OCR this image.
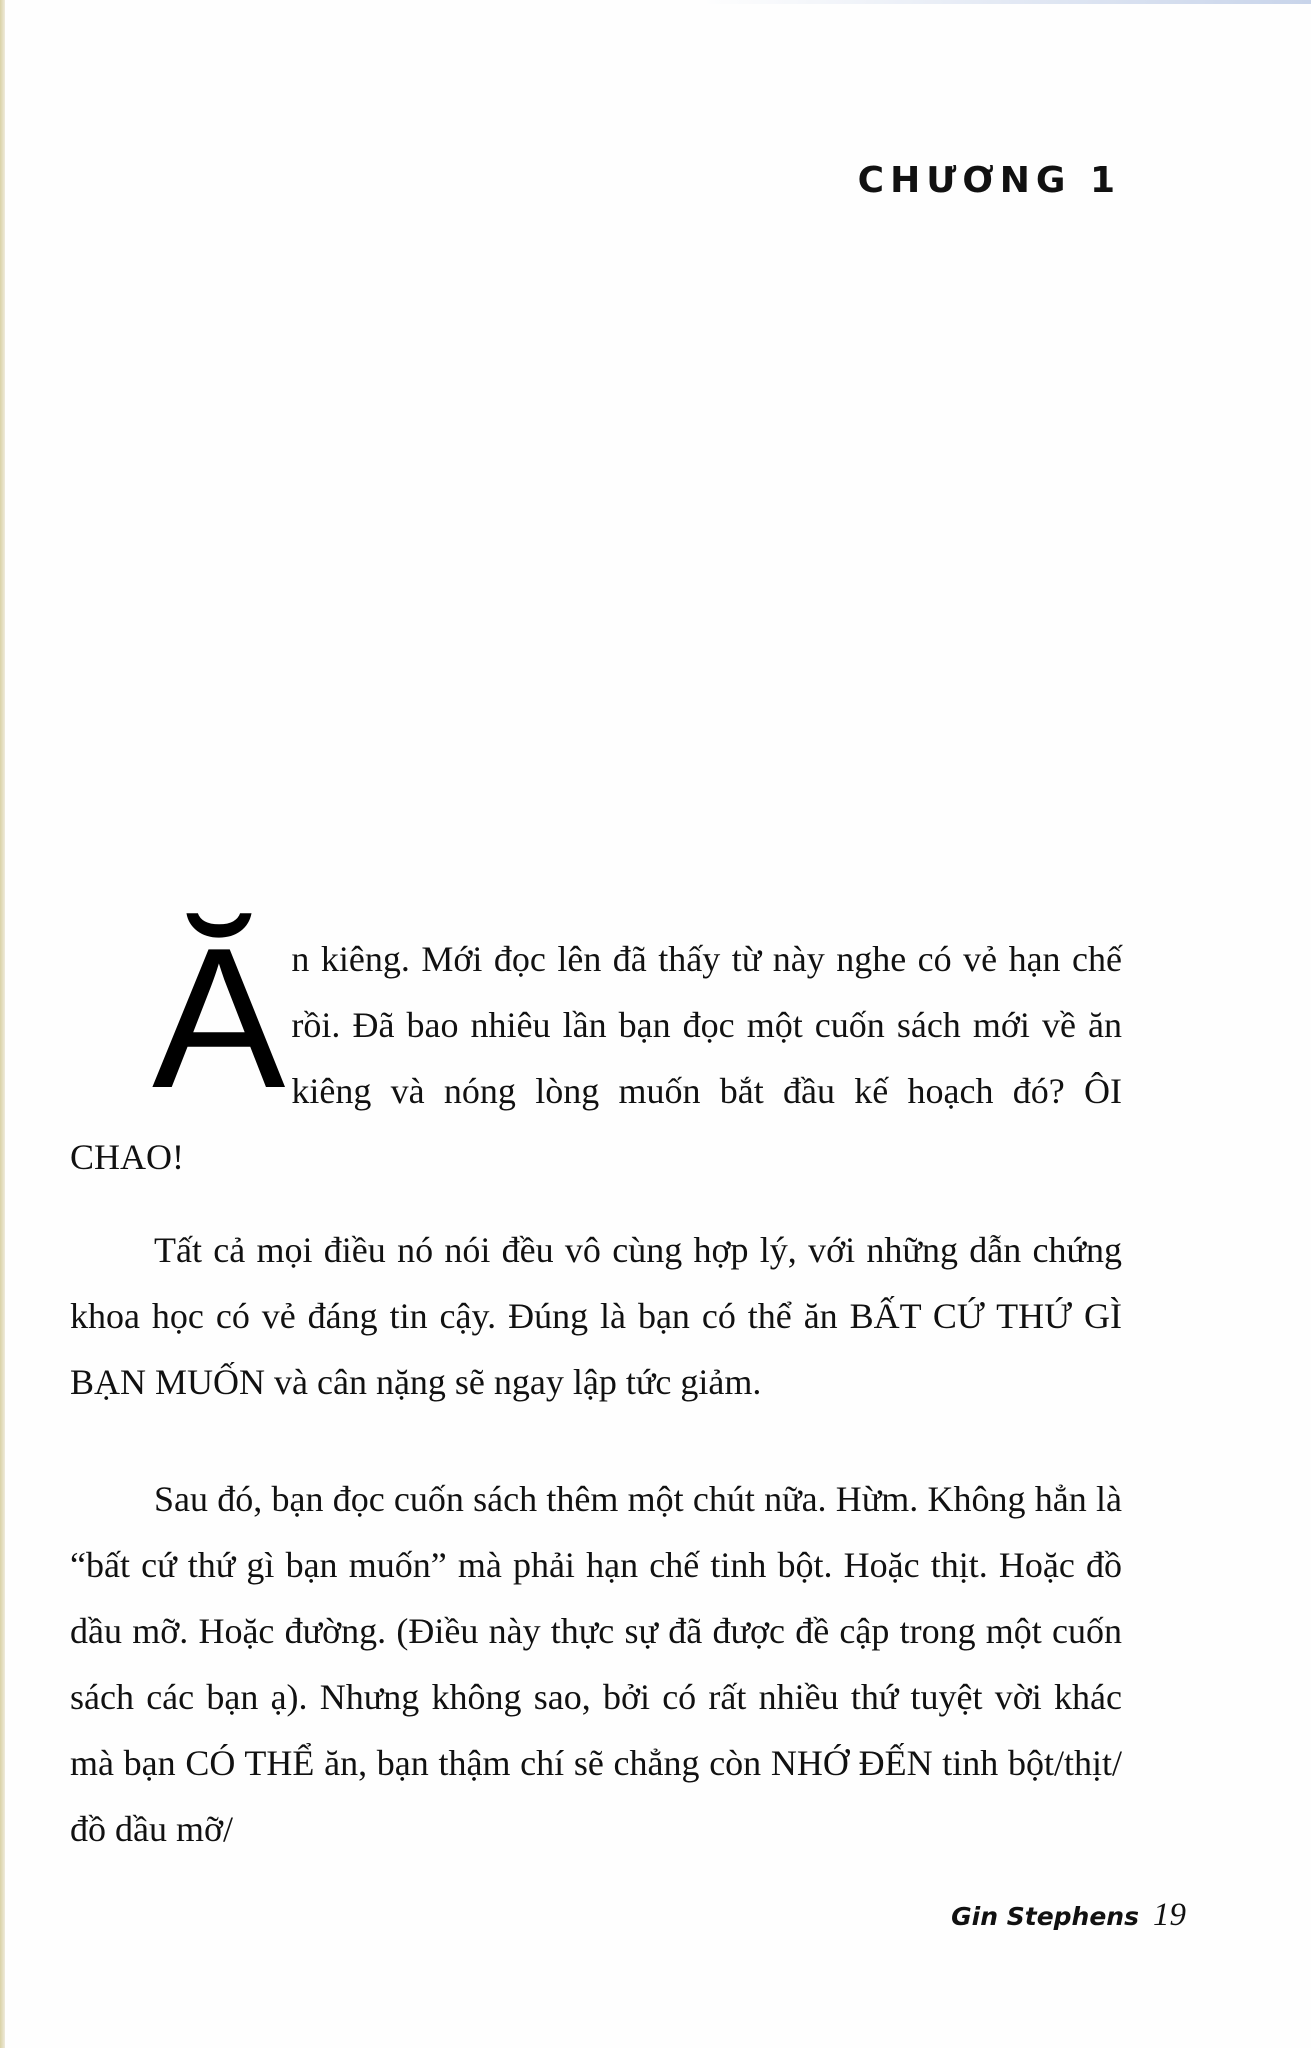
CHƯƠNG 1
Ăn kiêng. Mới đọc lên đã thấy từ này nghe có vẻ hạn chế rồi. Đã bao nhiêu lần bạn đọc một cuốn sách mới về ăn kiêng và nóng lòng muốn bắt đầu kế hoạch đó? ÔI CHAO!
Tất cả mọi điều nó nói đều vô cùng hợp lý, với những dẫn chứng khoa học có vẻ đáng tin cậy. Đúng là bạn có thể ăn BẤT CỨ THỨ GÌ BẠN MUỐN và cân nặng sẽ ngay lập tức giảm.
Sau đó, bạn đọc cuốn sách thêm một chút nữa. Hừm. Không hẳn là “bất cứ thứ gì bạn muốn” mà phải hạn chế tinh bột. Hoặc thịt. Hoặc đồ dầu mỡ. Hoặc đường. (Điều này thực sự đã được đề cập trong một cuốn sách các bạn ạ). Nhưng không sao, bởi có rất nhiều thứ tuyệt vời khác mà bạn CÓ THỂ ăn, bạn thậm chí sẽ chẳng còn NHỚ ĐẾN tinh bột/thịt/đồ dầu mỡ/
Gin Stephens 19
